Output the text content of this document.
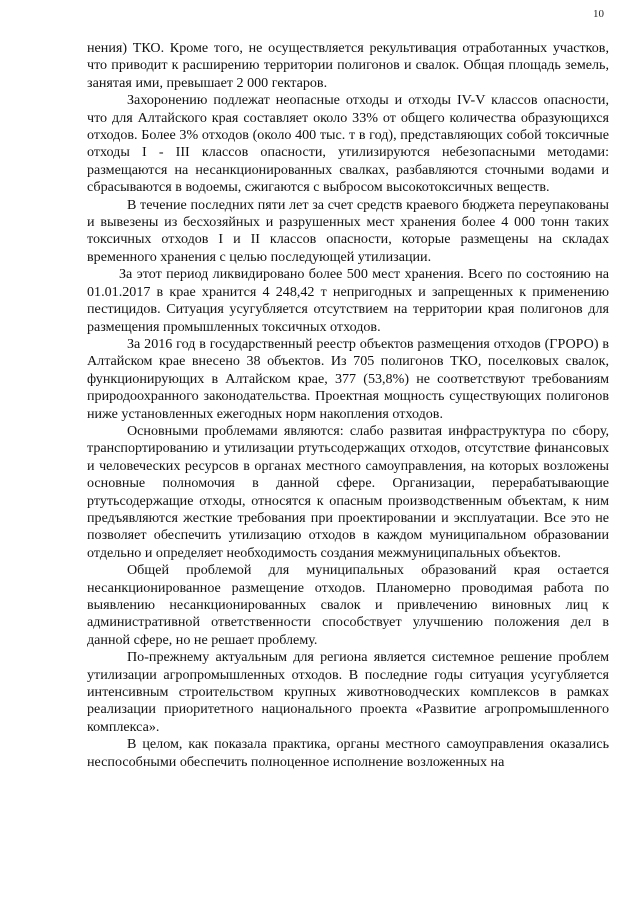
10

нения) ТКО. Кроме того, не осуществляется рекультивация отработанных участков, что приводит к расширению территории полигонов и свалок. Общая площадь земель, занятая ими, превышает 2 000 гектаров.

Захоронению подлежат неопасные отходы и отходы IV-V классов опасности, что для Алтайского края составляет около 33% от общего количества образующихся отходов. Более 3% отходов (около 400 тыс. т в год), представляющих собой токсичные отходы I - III классов опасности, утилизируются небезопасными методами: размещаются на несанкционированных свалках, разбавляются сточными водами и сбрасываются в водоемы, сжигаются с выбросом высокотоксичных веществ.

В течение последних пяти лет за счет средств краевого бюджета переупакованы и вывезены из бесхозяйных и разрушенных мест хранения более 4 000 тонн таких токсичных отходов I и II классов опасности, которые размещены на складах временного хранения с целью последующей утилизации.

За этот период ликвидировано более 500 мест хранения. Всего по состоянию на 01.01.2017 в крае хранится 4 248,42 т непригодных и запрещенных к применению пестицидов. Ситуация усугубляется отсутствием на территории края полигонов для размещения промышленных токсичных отходов.

За 2016 год в государственный реестр объектов размещения отходов (ГРОРО) в Алтайском крае внесено 38 объектов. Из 705 полигонов ТКО, поселковых свалок, функционирующих в Алтайском крае, 377 (53,8%) не соответствуют требованиям природоохранного законодательства. Проектная мощность существующих полигонов ниже установленных ежегодных норм накопления отходов.

Основными проблемами являются: слабо развитая инфраструктура по сбору, транспортированию и утилизации ртутьсодержащих отходов, отсутствие финансовых и человеческих ресурсов в органах местного самоуправления, на которых возложены основные полномочия в данной сфере. Организации, перерабатывающие ртутьсодержащие отходы, относятся к опасным производственным объектам, к ним предъявляются жесткие требования при проектировании и эксплуатации. Все это не позволяет обеспечить утилизацию отходов в каждом муниципальном образовании отдельно и определяет необходимость создания межмуниципальных объектов.

Общей проблемой для муниципальных образований края остается несанкционированное размещение отходов. Планомерно проводимая работа по выявлению несанкционированных свалок и привлечению виновных лиц к административной ответственности способствует улучшению положения дел в данной сфере, но не решает проблему.

По-прежнему актуальным для региона является системное решение проблем утилизации агропромышленных отходов. В последние годы ситуация усугубляется интенсивным строительством крупных животноводческих комплексов в рамках реализации приоритетного национального проекта «Развитие агропромышленного комплекса».

В целом, как показала практика, органы местного самоуправления оказались неспособными обеспечить полноценное исполнение возложенных на
